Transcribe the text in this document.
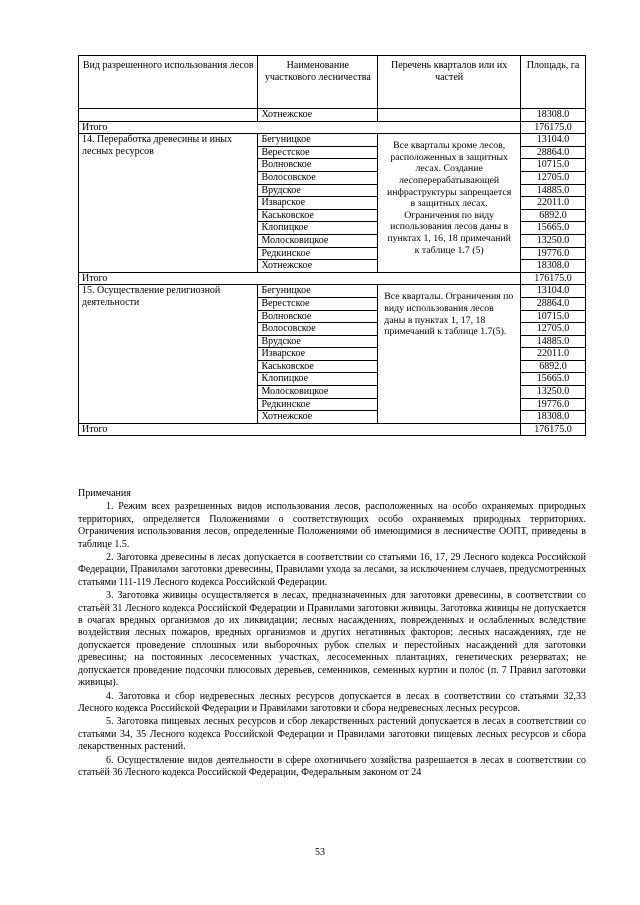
Вид разрешенного использования лесов	Наименование участкового лесничества	Перечень кварталов или их частей	Площадь, га
	Хотнежское		18308.0
Итого			176175.0
14. Переработка древесины и иных лесных ресурсов	Бегуницкое	Все кварталы кроме лесов, расположенных в защитных лесах. Создание лесоперерабатывающей инфраструктуры запрещается в защитных лесах. Ограничения по виду использования лесов даны в пунктах 1, 16, 18 примечаний к таблице 1.7 (5)	13104.0
	Верестское		28864.0
	Волновское		10715.0
	Волосовское		12705.0
	Врудское		14885.0
	Изварское		22011.0
	Каськовское		6892.0
	Клопицкое		15665.0
	Молосковицкое		13250.0
	Редкинское		19776.0
	Хотнежское		18308.0
Итого			176175.0
15. Осуществление религиозной деятельности	Бегуницкое	Все кварталы. Ограничения по виду использования лесов даны в пунктах 1, 17, 18 примечаний к таблице 1.7(5).	13104.0
	Верестское		28864.0
	Волновское		10715.0
	Волосовское		12705.0
	Врудское		14885.0
	Изварское		22011.0
	Каськовское		6892.0
	Клопицкое		15665.0
	Молосковицкое		13250.0
	Редкинское		19776.0
	Хотнежское		18308.0
Итого			176175.0

Примечания

1. Режим всех разрешенных видов использования лесов, расположенных на особо охраняемых природных территориях, определяется Положениями о соответствующих особо охраняемых природных территориях. Ограничения использования лесов, определенные Положениями об имеющимися в лесничестве ООПТ, приведены в таблице 1.5.

2. Заготовка древесины в лесах допускается в соответствии со статьями 16, 17, 29 Лесного кодекса Российской Федерации, Правилами заготовки древесины, Правилами ухода за лесами, за исключением случаев, предусмотренных статьями 111-119 Лесного кодекса Российской Федерации.

3. Заготовка живицы осуществляется в лесах, предназначенных для заготовки древесины, в соответствии со статьёй 31 Лесного кодекса Российской Федерации и Правилами заготовки живицы. Заготовка живицы не допускается в очагах вредных организмов до их ликвидации; лесных насаждениях, поврежденных и ослабленных вследствие воздействия лесных пожаров, вредных организмов и других негативных факторов; лесных насаждениях, где не допускается проведение сплошных или выборочных рубок спелых и перестойных насаждений для заготовки древесины; на постоянных лесосеменных участках, лесосеменных плантациях, генетических резерватах; не допускается проведение подсочки плюсовых деревьев, семенников, семенных куртин и полос (п. 7 Правил заготовки живицы).

4. Заготовка и сбор недревесных лесных ресурсов допускается в лесах в соответствии со статьями 32,33 Лесного кодекса Российской Федерации и Правилами заготовки и сбора недревесных лесных ресурсов.

5. Заготовка пищевых лесных ресурсов и сбор лекарственных растений допускается в лесах в соответствии со статьями 34, 35 Лесного кодекса Российской Федерации и Правилами заготовки пищевых лесных ресурсов и сбора лекарственных растений.

6. Осуществление видов деятельности в сфере охотничьего хозяйства разрешается в лесах в соответствии со статьёй 36 Лесного кодекса Российской Федерации, Федеральным законом от 24

53
